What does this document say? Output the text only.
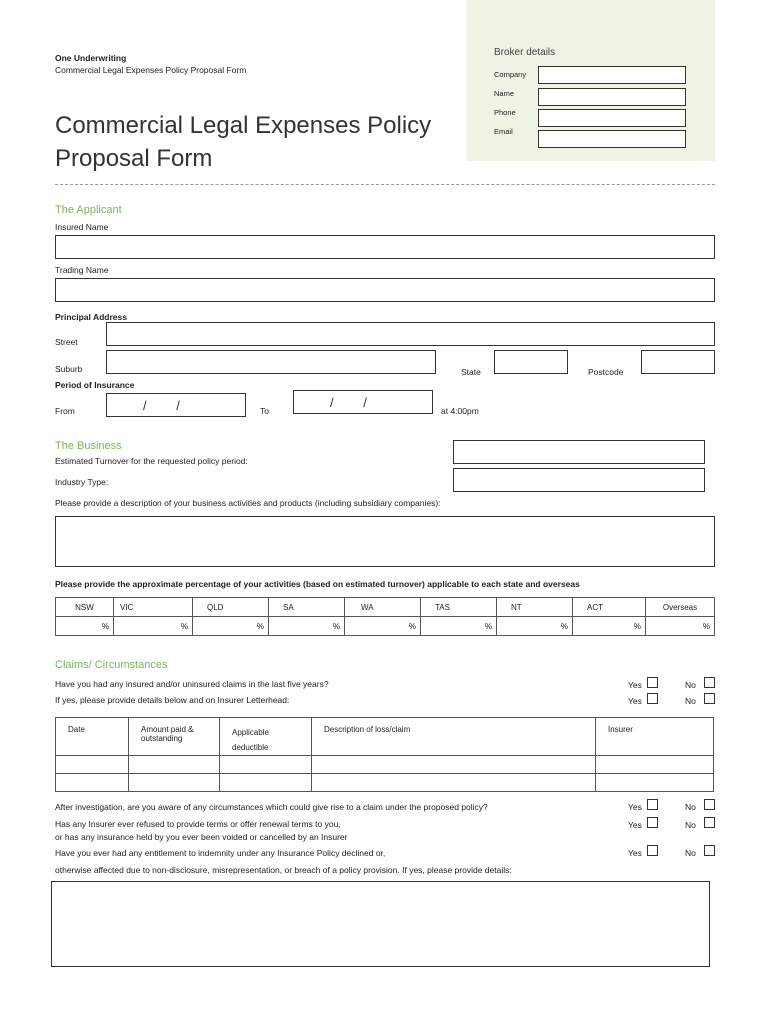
One Underwriting
Commercial Legal Expenses Policy Proposal Form
Commercial Legal Expenses Policy
Proposal Form
Broker details
Company
Name
Phone
Email
The Applicant
Insured Name
Trading Name
Principal Address
Street
Suburb	State	Postcode
Period of Insurance
From	/ /	To
/ /
at 4:00pm
The Business
Estimated Turnover for the requested policy period:
Industry Type:
Please provide a description of your business activities and products (including subsidiary companies):
Please provide the approximate percentage of your activities (based on estimated turnover) applicable to each state and overseas
NSW	VIC	QLD	SA	WA	TAS	NT	ACT	Overseas
%	%	%	%	%	%	%	%	%
Claims/ Circumstances
Have you had any insured and/or uninsured claims in the last five years?	Yes	No
If yes, please provide details below and on Insurer Letterhead:	Yes	No
Date	Amount paid & outstanding	Applicable deductible	Description of loss/claim	Insurer

After investigation, are you aware of any circumstances which could give rise to a claim under the proposed policy?	Yes	No
Has any Insurer ever refused to provide terms or offer renewal terms to you,
or has any insurance held by you ever been voided or cancelled by an Insurer
Yes	No
Have you ever had any entitlement to indemnity under any Insurance Policy declined or,	Yes	No
otherwise affected due to non-disclosure, misrepresentation, or breach of a policy provision. If yes, please provide details:
